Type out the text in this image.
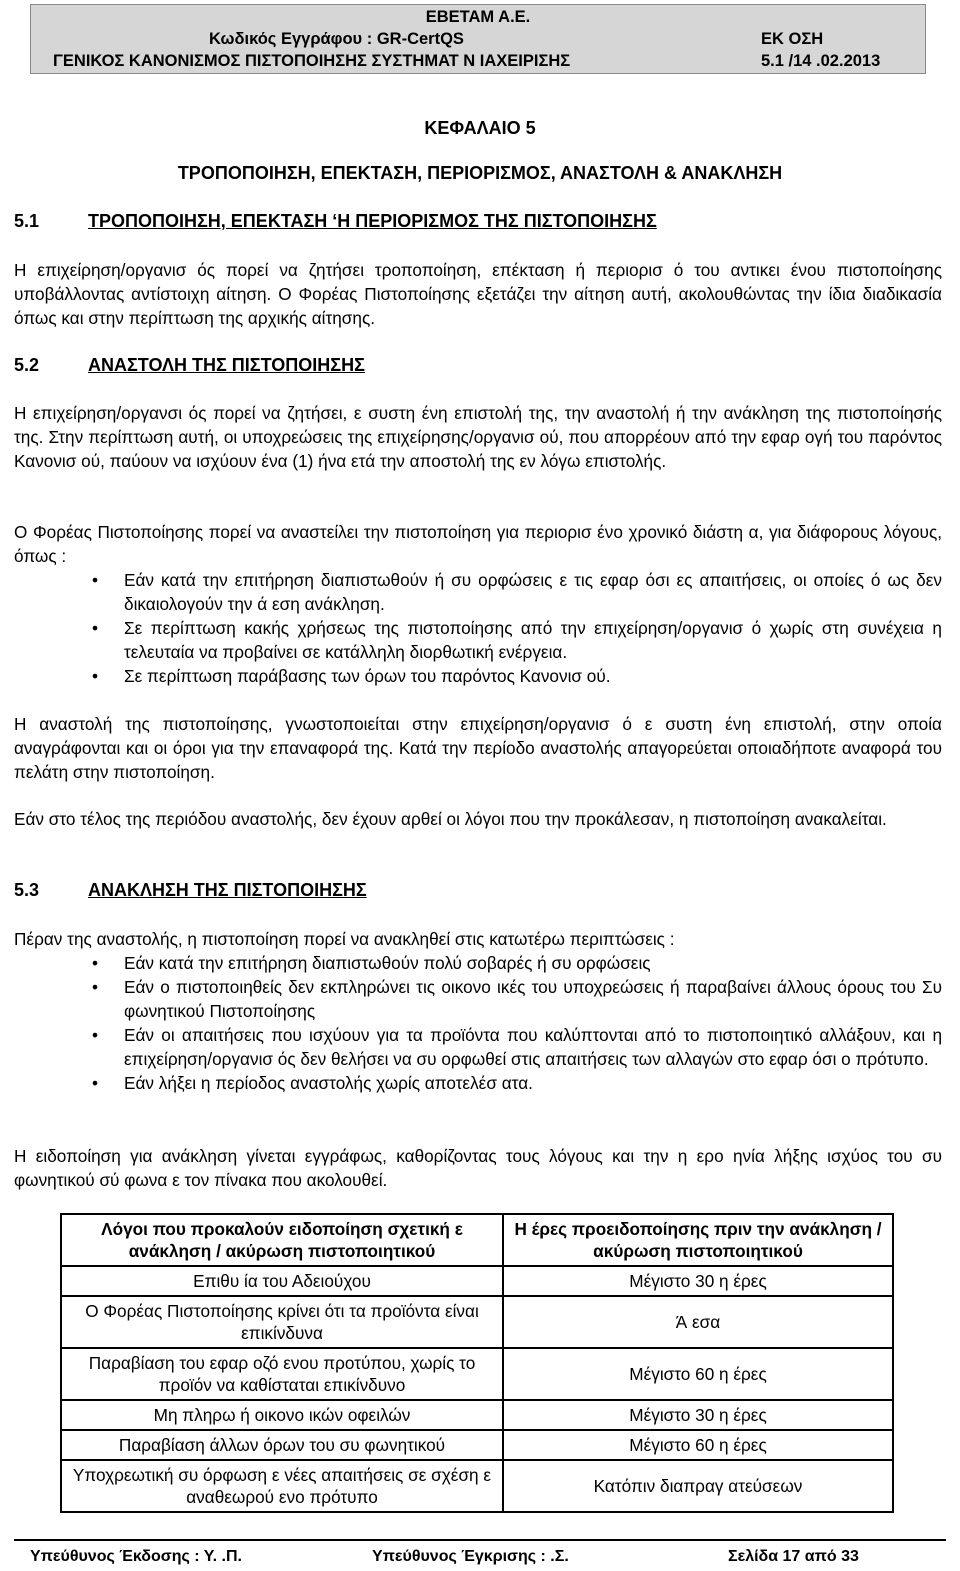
ΕΒΕΤΑΜ Α.Ε.
Κωδικός Εγγράφου : GR-CertQS	ΕΚ ΟΣΗ
ΓΕΝΙΚΟΣ ΚΑΝΟΝΙΣΜΟΣ ΠΙΣΤΟΠΟΙΗΣΗΣ ΣΥΣΤΗΜΑΤ Ν ΙΑΧΕΙΡΙΣΗΣ	5.1 /14 .02.2013
ΚΕΦΑΛΑΙΟ 5
ΤΡΟΠΟΠΟΙΗΣΗ, ΕΠΕΚΤΑΣΗ, ΠΕΡΙΟΡΙΣΜΟΣ, ΑΝΑΣΤΟΛΗ & ΑΝΑΚΛΗΣΗ
5.1	ΤΡΟΠΟΠΟΙΗΣΗ, ΕΠΕΚΤΑΣΗ ‘Η ΠΕΡΙΟΡΙΣΜΟΣ ΤΗΣ ΠΙΣΤΟΠΟΙΗΣΗΣ

Η επιχείρηση/οργανισ ός πορεί να ζητήσει τροποποίηση, επέκταση ή περιορισ ό του αντικει ένου πιστοποίησης υποβάλλοντας αντίστοιχη αίτηση. Ο Φορέας Πιστοποίησης εξετάζει την αίτηση αυτή, ακολουθώντας την ίδια διαδικασία όπως και στην περίπτωση της αρχικής αίτησης.

5.2	ΑΝΑΣΤΟΛΗ ΤΗΣ ΠΙΣΤΟΠΟΙΗΣΗΣ

Η επιχείρηση/οργανσι ός πορεί να ζητήσει, ε συστη ένη επιστολή της, την αναστολή ή την ανάκληση της πιστοποίησής της. Στην περίπτωση αυτή, οι υποχρεώσεις της επιχείρησης/οργανισ ού, που απορρέουν από την εφαρ ογή του παρόντος Κανονισ ού, παύουν να ισχύουν ένα (1) ήνα ετά την αποστολή της εν λόγω επιστολής.

Ο Φορέας Πιστοποίησης πορεί να αναστείλει την πιστοποίηση για περιορισ ένο χρονικό διάστη α, για διάφορους λόγους, όπως :

• Εάν κατά την επιτήρηση διαπιστωθούν ή συ ορφώσεις ε τις εφαρ όσι ες απαιτήσεις, οι οποίες ό ως δεν δικαιολογούν την ά εση ανάκληση.
• Σε περίπτωση κακής χρήσεως της πιστοποίησης από την επιχείρηση/οργανισ ό χωρίς στη συνέχεια η τελευταία να προβαίνει σε κατάλληλη διορθωτική ενέργεια.
• Σε περίπτωση παράβασης των όρων του παρόντος Κανονισ ού.

Η αναστολή της πιστοποίησης, γνωστοποιείται στην επιχείρηση/οργανισ ό ε συστη ένη επιστολή, στην οποία αναγράφονται και οι όροι για την επαναφορά της. Κατά την περίοδο αναστολής απαγορεύεται οποιαδήποτε αναφορά του πελάτη στην πιστοποίηση.

Εάν στο τέλος της περιόδου αναστολής, δεν έχουν αρθεί οι λόγοι που την προκάλεσαν, η πιστοποίηση ανακαλείται.

5.3	ΑΝΑΚΛΗΣΗ ΤΗΣ ΠΙΣΤΟΠΟΙΗΣΗΣ

Πέραν της αναστολής, η πιστοποίηση πορεί να ανακληθεί στις κατωτέρω περιπτώσεις :

• Εάν κατά την επιτήρηση διαπιστωθούν πολύ σοβαρές ή συ ορφώσεις
• Εάν ο πιστοποιηθείς δεν εκπληρώνει τις οικονο ικές του υποχρεώσεις ή παραβαίνει άλλους όρους του Συ φωνητικού Πιστοποίησης
• Εάν οι απαιτήσεις που ισχύουν για τα προϊόντα που καλύπτονται από το πιστοποιητικό αλλάξουν, και η επιχείρηση/οργανισ ός δεν θελήσει να συ ορφωθεί στις απαιτήσεις των αλλαγών στο εφαρ όσι ο πρότυπο.
• Εάν λήξει η περίοδος αναστολής χωρίς αποτελέσ ατα.

Η ειδοποίηση για ανάκληση γίνεται εγγράφως, καθορίζοντας τους λόγους και την η ερο ηνία λήξης ισχύος του συ φωνητικού σύ φωνα ε τον πίνακα που ακολουθεί.

Λόγοι που προκαλούν ειδοποίηση σχετική ε ανάκληση / ακύρωση πιστοποιητικού	Η έρες προειδοποίησης πριν την ανάκληση / ακύρωση πιστοποιητικού
Επιθυ ία του Αδειούχου	Μέγιστο 30 η έρες
Ο Φορέας Πιστοποίησης κρίνει ότι τα προϊόντα είναι επικίνδυνα	Ά εσα
Παραβίαση του εφαρ οζό ενου προτύπου, χωρίς το προϊόν να καθίσταται επικίνδυνο	Μέγιστο 60 η έρες
Μη πληρω ή οικονο ικών οφειλών	Μέγιστο 30 η έρες
Παραβίαση άλλων όρων του συ φωνητικού	Μέγιστο 60 η έρες
Υποχρεωτική συ όρφωση ε νέες απαιτήσεις σε σχέση ε αναθεωρού ενο πρότυπο	Κατόπιν διαπραγ ατεύσεων
Υπεύθυνος Έκδοσης : Υ. .Π.	Υπεύθυνος Έγκρισης : .Σ.	Σελίδα 17 από 33
